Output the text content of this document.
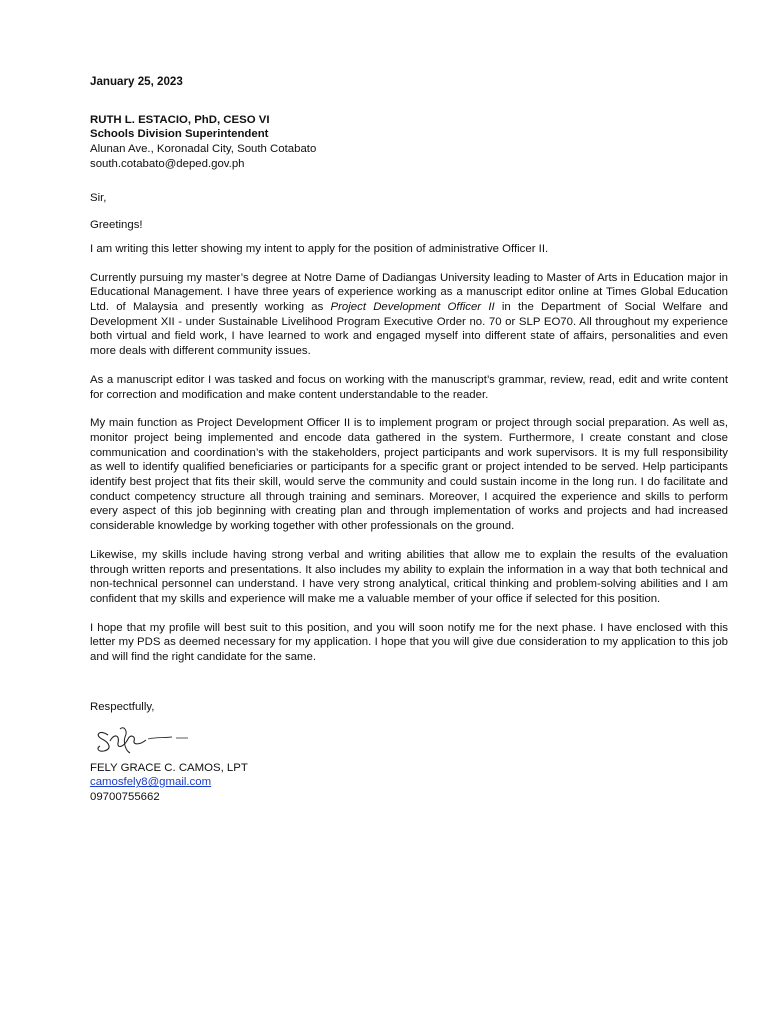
January 25, 2023

RUTH L. ESTACIO, PhD, CESO VI
Schools Division Superintendent
Alunan Ave., Koronadal City, South Cotabato
south.cotabato@deped.gov.ph

Sir,

Greetings!

I am writing this letter showing my intent to apply for the position of administrative Officer II.

Currently pursuing my master’s degree at Notre Dame of Dadiangas University leading to Master of Arts in Education major in Educational Management. I have three years of experience working as a manuscript editor online at Times Global Education Ltd. of Malaysia and presently working as Project Development Officer II in the Department of Social Welfare and Development XII - under Sustainable Livelihood Program Executive Order no. 70 or SLP EO70. All throughout my experience both virtual and field work, I have learned to work and engaged myself into different state of affairs, personalities and even more deals with different community issues.

As a manuscript editor I was tasked and focus on working with the manuscript’s grammar, review, read, edit and write content for correction and modification and make content understandable to the reader.

My main function as Project Development Officer II is to implement program or project through social preparation. As well as, monitor project being implemented and encode data gathered in the system. Furthermore, I create constant and close communication and coordination’s with the stakeholders, project participants and work supervisors. It is my full responsibility as well to identify qualified beneficiaries or participants for a specific grant or project intended to be served. Help participants identify best project that fits their skill, would serve the community and could sustain income in the long run. I do facilitate and conduct competency structure all through training and seminars. Moreover, I acquired the experience and skills to perform every aspect of this job beginning with creating plan and through implementation of works and projects and had increased considerable knowledge by working together with other professionals on the ground.

Likewise, my skills include having strong verbal and writing abilities that allow me to explain the results of the evaluation through written reports and presentations. It also includes my ability to explain the information in a way that both technical and non-technical personnel can understand. I have very strong analytical, critical thinking and problem-solving abilities and I am confident that my skills and experience will make me a valuable member of your office if selected for this position.

I hope that my profile will best suit to this position, and you will soon notify me for the next phase. I have enclosed with this letter my PDS as deemed necessary for my application. I hope that you will give due consideration to my application to this job and will find the right candidate for the same.

Respectfully,

FELY GRACE C. CAMOS, LPT
camosfely8@gmail.com
09700755662
